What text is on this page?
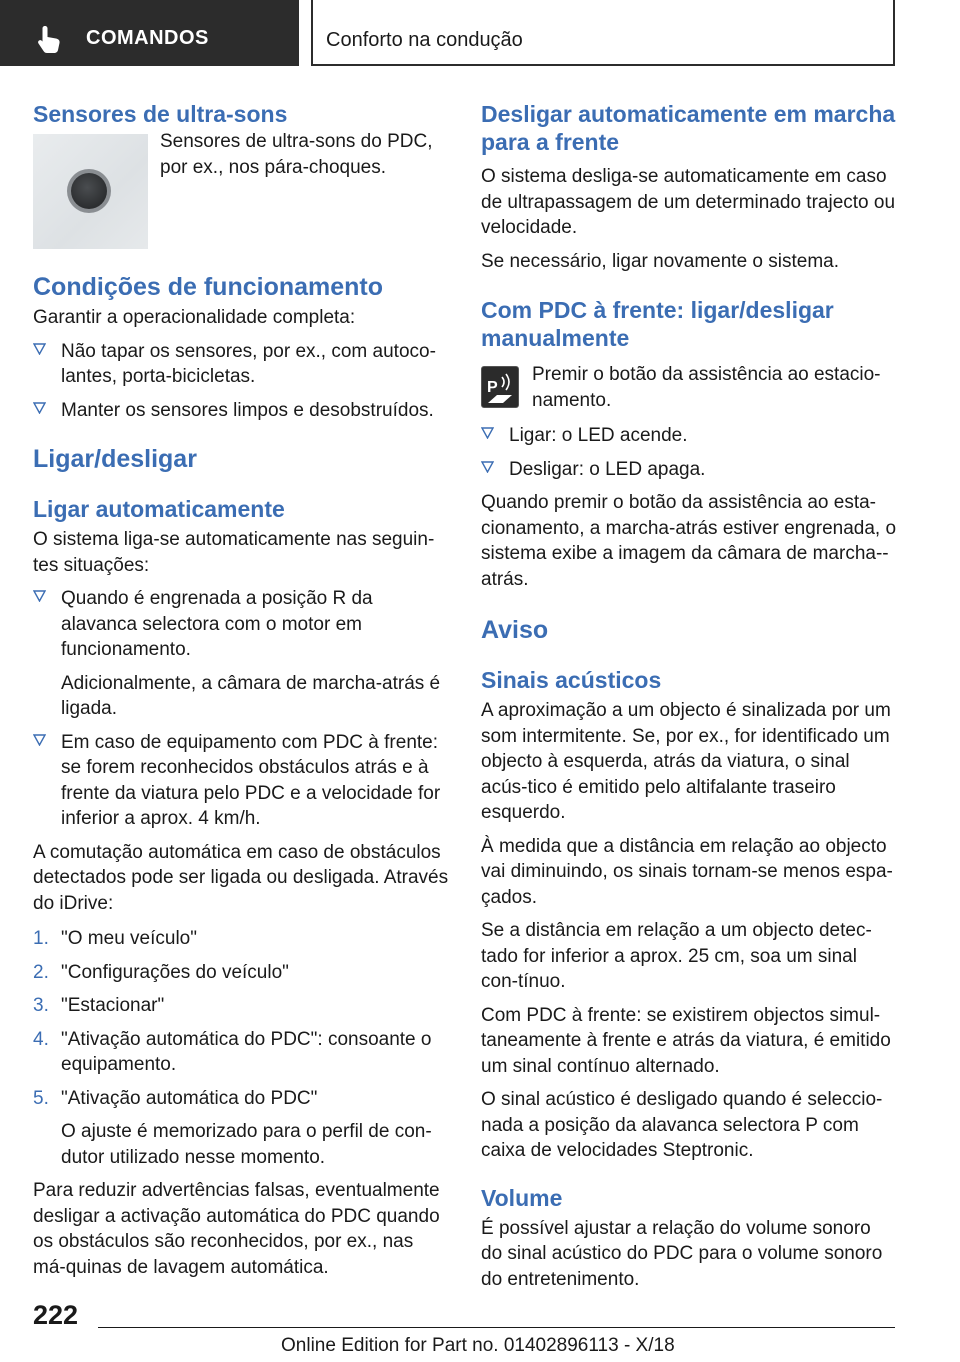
COMANDOS	Conforto na condução
Sensores de ultra-sons

Sensores de ultra-sons do PDC,

por ex., nos pára-choques.

Condições de funcionamento

Garantir a operacionalidade completa:

Não tapar os sensores, por ex., com autoco‐lantes, porta-bicicletas.
Manter os sensores limpos e desobstruídos.
Ligar/desligar
Ligar automaticamente

O sistema liga-se automaticamente nas seguin‐tes situações:

Quando é engrenada a posição R da alavanca selectora com o motor em funcionamento.

Adicionalmente, a câmara de marcha-atrás é ligada.

Em caso de equipamento com PDC à frente: se forem reconhecidos obstáculos atrás e à frente da viatura pelo PDC e a velocidade for inferior a aprox. 4 km/h.

A comutação automática em caso de obstáculos detectados pode ser ligada ou desligada. Através do iDrive:

1. "O meu veículo"
2. "Configurações do veículo"
3. "Estacionar"
4. "Ativação automática do PDC": consoante o equipamento.
5. "Ativação automática do PDC"

O ajuste é memorizado para o perfil de con‐dutor utilizado nesse momento.

Para reduzir advertências falsas, eventualmente desligar a activação automática do PDC quando os obstáculos são reconhecidos, por ex., nas má‐quinas de lavagem automática.

Desligar automaticamente em marcha para a frente

O sistema desliga-se automaticamente em caso de ultrapassagem de um determinado trajecto ou velocidade.

Se necessário, ligar novamente o sistema.

Com PDC à frente: ligar/desligar manualmente
P

Premir o botão da assistência ao estacio‐namento.

Ligar: o LED acende.
Desligar: o LED apaga.

Quando premir o botão da assistência ao esta‐cionamento, a marcha-atrás estiver engrenada, o sistema exibe a imagem da câmara de marcha-‐atrás.

Aviso
Sinais acústicos

A aproximação a um objecto é sinalizada por um som intermitente. Se, por ex., for identificado um objecto à esquerda, atrás da viatura, o sinal acús‐tico é emitido pelo altifalante traseiro esquerdo.

À medida que a distância em relação ao objecto vai diminuindo, os sinais tornam-se menos espa‐çados.

Se a distância em relação a um objecto detec‐tado for inferior a aprox. 25 cm, soa um sinal con‐tínuo.

Com PDC à frente: se existirem objectos simul‐taneamente à frente e atrás da viatura, é emitido um sinal contínuo alternado.

O sinal acústico é desligado quando é seleccio‐nada a posição da alavanca selectora P com caixa de velocidades Steptronic.

Volume

É possível ajustar a relação do volume sonoro do sinal acústico do PDC para o volume sonoro do entretenimento.

222
Online Edition for Part no. 01402896113 - X/18
